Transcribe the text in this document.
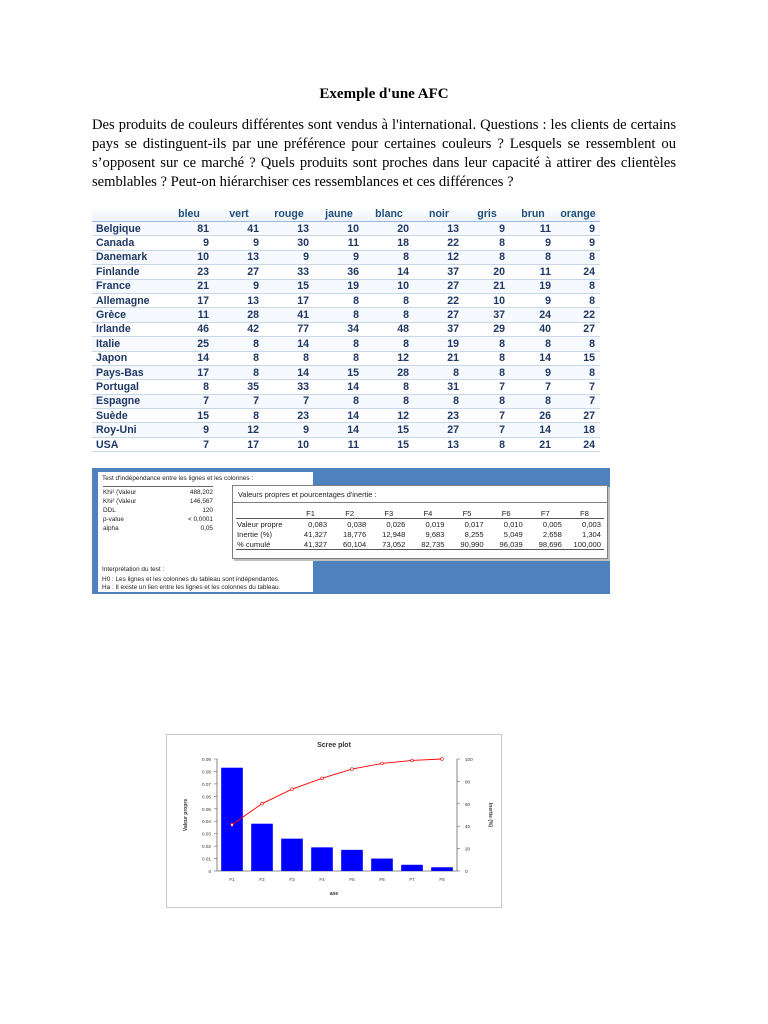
Exemple d'une AFC

Des produits de couleurs différentes sont vendus à l'international. Questions : les clients de certains pays se distinguent-ils par une préférence pour certaines couleurs ? Lesquels se ressemblent ou s’opposent sur ce marché ? Quels produits sont proches dans leur capacité à attirer des clientèles semblables ? Peut-on hiérarchiser ces ressemblances et ces différences ?

	bleu	vert	rouge	jaune	blanc	noir	gris	brun	orange
Belgique	81	41	13	10	20	13	9	11	9
Canada	9	9	30	11	18	22	8	9	9
Danemark	10	13	9	9	8	12	8	8	8
Finlande	23	27	33	36	14	37	20	11	24
France	21	9	15	19	10	27	21	19	8
Allemagne	17	13	17	8	8	22	10	9	8
Grèce	11	28	41	8	8	27	37	24	22
Irlande	46	42	77	34	48	37	29	40	27
Italie	25	8	14	8	8	19	8	8	8
Japon	14	8	8	8	12	21	8	14	15
Pays-Bas	17	8	14	15	28	8	8	9	8
Portugal	8	35	33	14	8	31	7	7	7
Espagne	7	7	7	8	8	8	8	8	7
Suède	15	8	23	14	12	23	7	26	27
Roy-Uni	9	12	9	14	15	27	7	14	18
USA	7	17	10	11	15	13	8	21	24
Test d'indépendance entre les lignes et les colonnes :
Khi² (Valeur	488,202
Khi² (Valeur	146,567
DDL	120
p-value	< 0,0001
alpha	0,05
Interprétation du test :
H0 : Les lignes et les colonnes du tableau sont indépendantes.
Ha : Il existe un lien entre les lignes et les colonnes du tableau.
Valeurs propres et pourcentages d'inertie :
	F1	F2	F3	F4	F5	F6	F7	F8
Valeur propre	0,083	0,038	0,026	0,019	0,017	0,010	0,005	0,003
Inertie (%)	41,327	18,776	12,948	9,683	8,255	5,049	2,658	1,304
% cumulé	41,327	60,104	73,052	82,735	90,990	96,039	98,696	100,000
Scree plot
0
0.01
0.02
0.03
0.04
0.05
0.06
0.07
0.08
0.09
0
20
40
60
80
100
F1	F2	F3	F4	F5	F6	F7	F8
axe
Valeur propre	Inertie (%)
